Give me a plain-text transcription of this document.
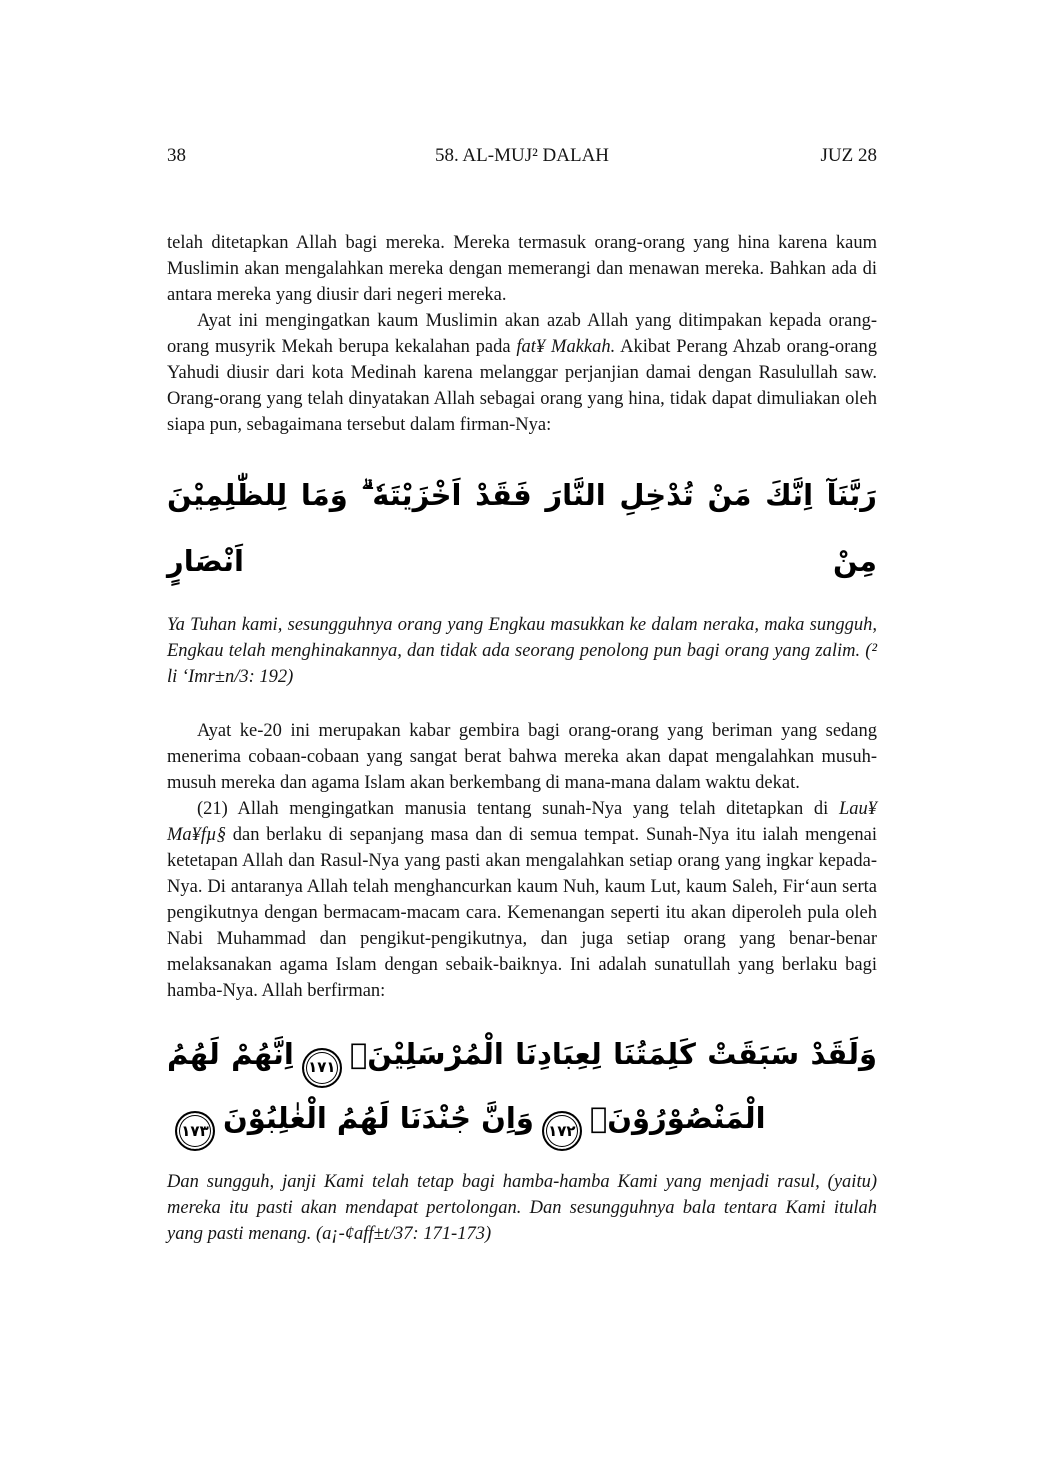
38	58. AL-MUJ² DALAH	JUZ 28

telah ditetapkan Allah bagi mereka. Mereka termasuk orang-orang yang hina karena kaum Muslimin akan mengalahkan mereka dengan memerangi dan menawan mereka. Bahkan ada di antara mereka yang diusir dari negeri mereka.

Ayat ini mengingatkan kaum Muslimin akan azab Allah yang ditimpakan kepada orang-orang musyrik Mekah berupa kekalahan pada fat¥ Makkah. Akibat Perang Ahzab orang-orang Yahudi diusir dari kota Medinah karena melanggar perjanjian damai dengan Rasulullah saw. Orang-orang yang telah dinyatakan Allah sebagai orang yang hina, tidak dapat dimuliakan oleh siapa pun, sebagaimana tersebut dalam firman-Nya:

رَبَّنَآ اِنَّكَ مَنْ تُدْخِلِ النَّارَ فَقَدْ اَخْزَيْتَهٗ ۗ وَمَا لِلظّٰلِمِيْنَ مِنْ اَنْصَارٍ

Ya Tuhan kami, sesungguhnya orang yang Engkau masukkan ke dalam neraka, maka sungguh, Engkau telah menghinakannya, dan tidak ada seorang penolong pun bagi orang yang zalim. (² li ‘Imr±n/3: 192)

Ayat ke-20 ini merupakan kabar gembira bagi orang-orang yang beriman yang sedang menerima cobaan-cobaan yang sangat berat bahwa mereka akan dapat mengalahkan musuh-musuh mereka dan agama Islam akan berkembang di mana-mana dalam waktu dekat.

(21) Allah mengingatkan manusia tentang sunah-Nya yang telah ditetapkan di Lau¥ Ma¥fµ§ dan berlaku di sepanjang masa dan di semua tempat. Sunah-Nya itu ialah mengenai ketetapan Allah dan Rasul-Nya yang pasti akan mengalahkan setiap orang yang ingkar kepada-Nya. Di antaranya Allah telah menghancurkan kaum Nuh, kaum Lut, kaum Saleh, Fir‘aun serta pengikutnya dengan bermacam-macam cara. Kemenangan seperti itu akan diperoleh pula oleh Nabi Muhammad dan pengikut-pengikutnya, dan juga setiap orang yang benar-benar melaksanakan agama Islam dengan sebaik-baiknya. Ini adalah sunatullah yang berlaku bagi hamba-Nya. Allah berfirman:

وَلَقَدْ سَبَقَتْ كَلِمَتُنَا لِعِبَادِنَا الْمُرْسَلِيْنَۚ١٧١اِنَّهُمْ لَهُمُ الْمَنْصُوْرُوْنَۖ١٧٢وَاِنَّ جُنْدَنَا لَهُمُ الْغٰلِبُوْنَ١٧٣

Dan sungguh, janji Kami telah tetap bagi hamba-hamba Kami yang menjadi rasul, (yaitu) mereka itu pasti akan mendapat pertolongan. Dan sesungguhnya bala tentara Kami itulah yang pasti menang. (a¡-¢aff±t/37: 171-173)
